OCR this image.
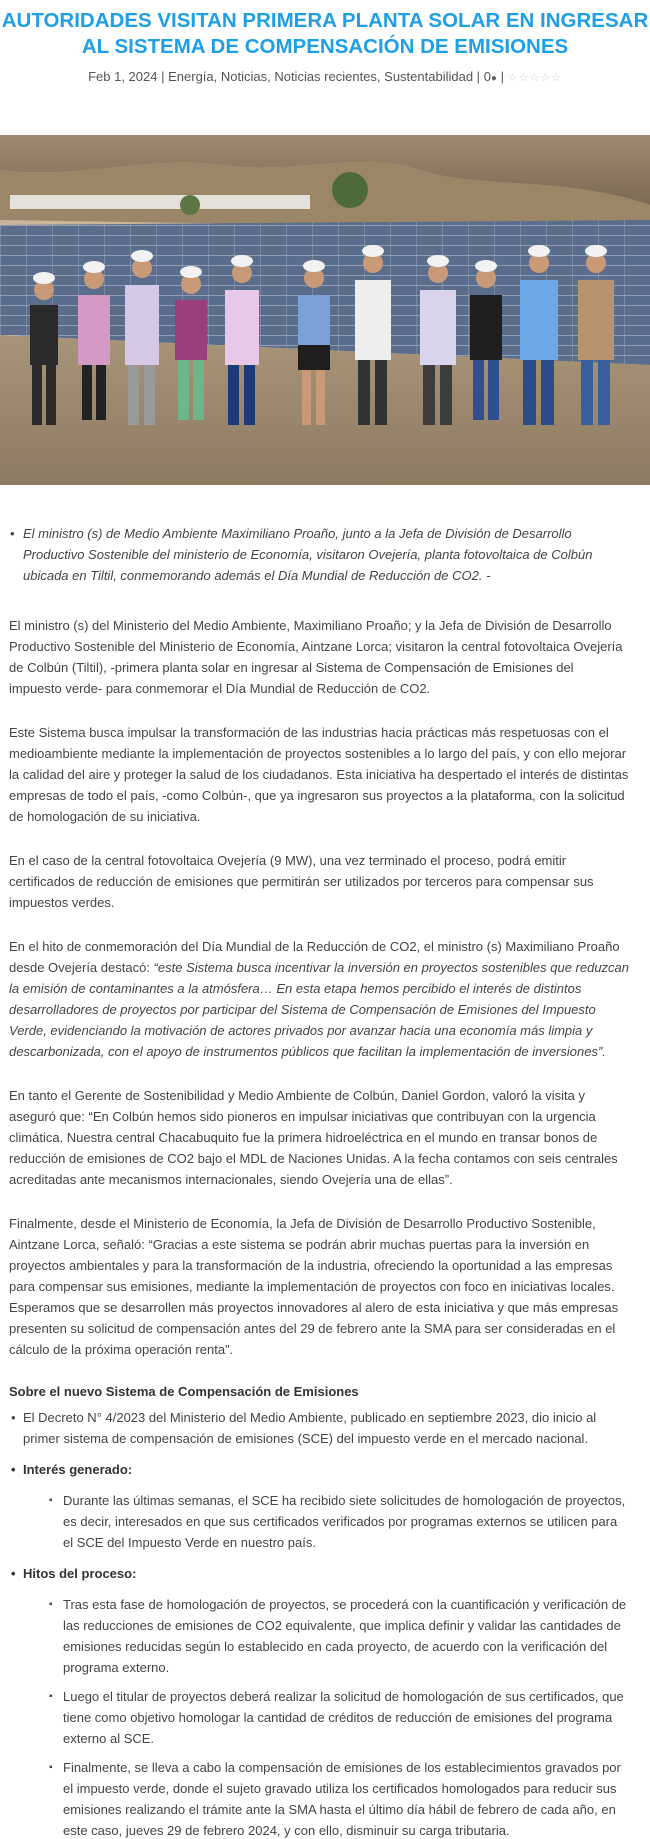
AUTORIDADES VISITAN PRIMERA PLANTA SOLAR EN INGRESAR AL SISTEMA DE COMPENSACIÓN DE EMISIONES
Feb 1, 2024 | Energía, Noticias, Noticias recientes, Sustentabilidad | 0● | ☆☆☆☆☆
• El ministro (s) de Medio Ambiente Maximiliano Proaño, junto a la Jefa de División de Desarrollo Productivo Sostenible del ministerio de Economía, visitaron Ovejería, planta fotovoltaica de Colbún ubicada en Tiltil, conmemorando además el Día Mundial de Reducción de CO2. -

El ministro (s) del Ministerio del Medio Ambiente, Maximiliano Proaño; y la Jefa de División de Desarrollo Productivo Sostenible del Ministerio de Economía, Aintzane Lorca; visitaron la central fotovoltaica Ovejería de Colbún (Tiltil), -primera planta solar en ingresar al Sistema de Compensación de Emisiones del impuesto verde- para conmemorar el Día Mundial de Reducción de CO2.

Este Sistema busca impulsar la transformación de las industrias hacia prácticas más respetuosas con el medioambiente mediante la implementación de proyectos sostenibles a lo largo del país, y con ello mejorar la calidad del aire y proteger la salud de los ciudadanos. Esta iniciativa ha despertado el interés de distintas empresas de todo el país, -como Colbún-, que ya ingresaron sus proyectos a la plataforma, con la solicitud de homologación de su iniciativa.

En el caso de la central fotovoltaica Ovejería (9 MW), una vez terminado el proceso, podrá emitir certificados de reducción de emisiones que permitirán ser utilizados por terceros para compensar sus impuestos verdes.

En el hito de conmemoración del Día Mundial de la Reducción de CO2, el ministro (s) Maximiliano Proaño desde Ovejería destacó: “este Sistema busca incentivar la inversión en proyectos sostenibles que reduzcan la emisión de contaminantes a la atmósfera… En esta etapa hemos percibido el interés de distintos desarrolladores de proyectos por participar del Sistema de Compensación de Emisiones del Impuesto Verde, evidenciando la motivación de actores privados por avanzar hacia una economía más limpia y descarbonizada, con el apoyo de instrumentos públicos que facilitan la implementación de inversiones”.

En tanto el Gerente de Sostenibilidad y Medio Ambiente de Colbún, Daniel Gordon, valoró la visita y aseguró que: “En Colbún hemos sido pioneros en impulsar iniciativas que contribuyan con la urgencia climática. Nuestra central Chacabuquito fue la primera hidroeléctrica en el mundo en transar bonos de reducción de emisiones de CO2 bajo el MDL de Naciones Unidas. A la fecha contamos con seis centrales acreditadas ante mecanismos internacionales, siendo Ovejería una de ellas”.

Finalmente, desde el Ministerio de Economía, la Jefa de División de Desarrollo Productivo Sostenible, Aintzane Lorca, señaló: “Gracias a este sistema se podrán abrir muchas puertas para la inversión en proyectos ambientales y para la transformación de la industria, ofreciendo la oportunidad a las empresas para compensar sus emisiones, mediante la implementación de proyectos con foco en iniciativas locales. Esperamos que se desarrollen más proyectos innovadores al alero de esta iniciativa y que más empresas presenten su solicitud de compensación antes del 29 de febrero ante la SMA para ser consideradas en el cálculo de la próxima operación renta”.

Sobre el nuevo Sistema de Compensación de Emisiones

• El Decreto N° 4/2023 del Ministerio del Medio Ambiente, publicado en septiembre 2023, dio inicio al primer sistema de compensación de emisiones (SCE) del impuesto verde en el mercado nacional.
• Interés generado:
▪ Durante las últimas semanas, el SCE ha recibido siete solicitudes de homologación de proyectos, es decir, interesados en que sus certificados verificados por programas externos se utilicen para el SCE del Impuesto Verde en nuestro país.
• Hitos del proceso:
▪ Tras esta fase de homologación de proyectos, se procederá con la cuantificación y verificación de las reducciones de emisiones de CO2 equivalente, que implica definir y validar las cantidades de emisiones reducidas según lo establecido en cada proyecto, de acuerdo con la verificación del programa externo.
▪ Luego el titular de proyectos deberá realizar la solicitud de homologación de sus certificados, que tiene como objetivo homologar la cantidad de créditos de reducción de emisiones del programa externo al SCE.
▪ Finalmente, se lleva a cabo la compensación de emisiones de los establecimientos gravados por el impuesto verde, donde el sujeto gravado utiliza los certificados homologados para reducir sus emisiones realizando el trámite ante la SMA hasta el último día hábil de febrero de cada año, en este caso, jueves 29 de febrero 2024, y con ello, disminuir su carga tributaria.
